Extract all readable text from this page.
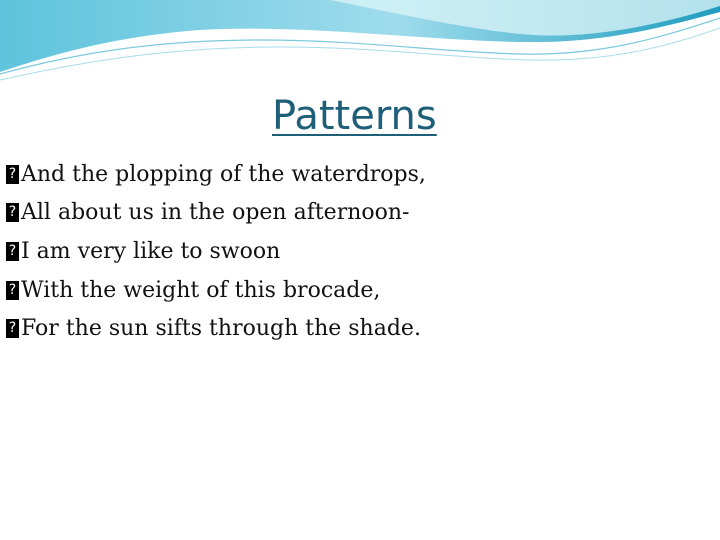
Patterns
? And the plopping of the waterdrops,
? All about us in the open afternoon-
? I am very like to swoon
? With the weight of this brocade,
? For the sun sifts through the shade.
